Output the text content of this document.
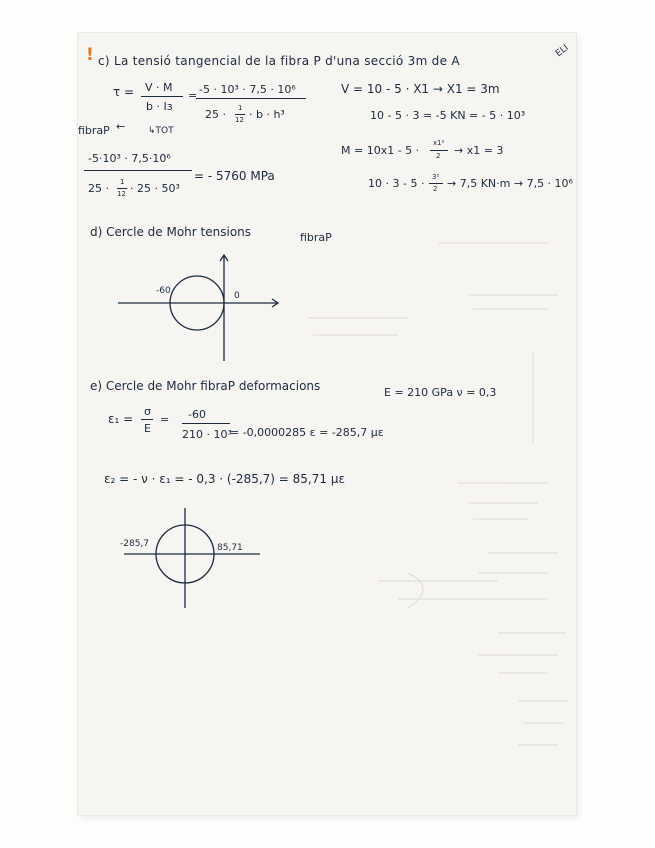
ELI
! c) La tensió tangencial de la fibra P d'una secció 3m de A
τ = V · M
b · Iз
= -5 · 10³ · 7,5 · 10⁶
25 · 1
12 · b · h³
fibraP ←	↳TOT
-5·10³ · 7,5·10⁶
25 · 1
12 · 25 · 50³
= - 5760 MPa
V = 10 - 5 · X1 → X1 = 3m
10 - 5 · 3 = -5 KN = - 5 · 10³
M = 10x1 - 5 ·
x1²
2 → x1 = 3
10 · 3 - 5 · 3²
2 → 7,5 KN·m → 7,5 · 10⁶
d) Cercle de Mohr tensions	fibraP
-60	0
e) Cercle de Mohr fibraP deformacions	E = 210 GPa ν = 0,3
ε₁ =
σ
E
= -60
210 · 10³
= -0,0000285 ε = -285,7 με
ε₂ = - ν · ε₁ = - 0,3 · (-285,7) = 85,71 με
-285,7	85,71
